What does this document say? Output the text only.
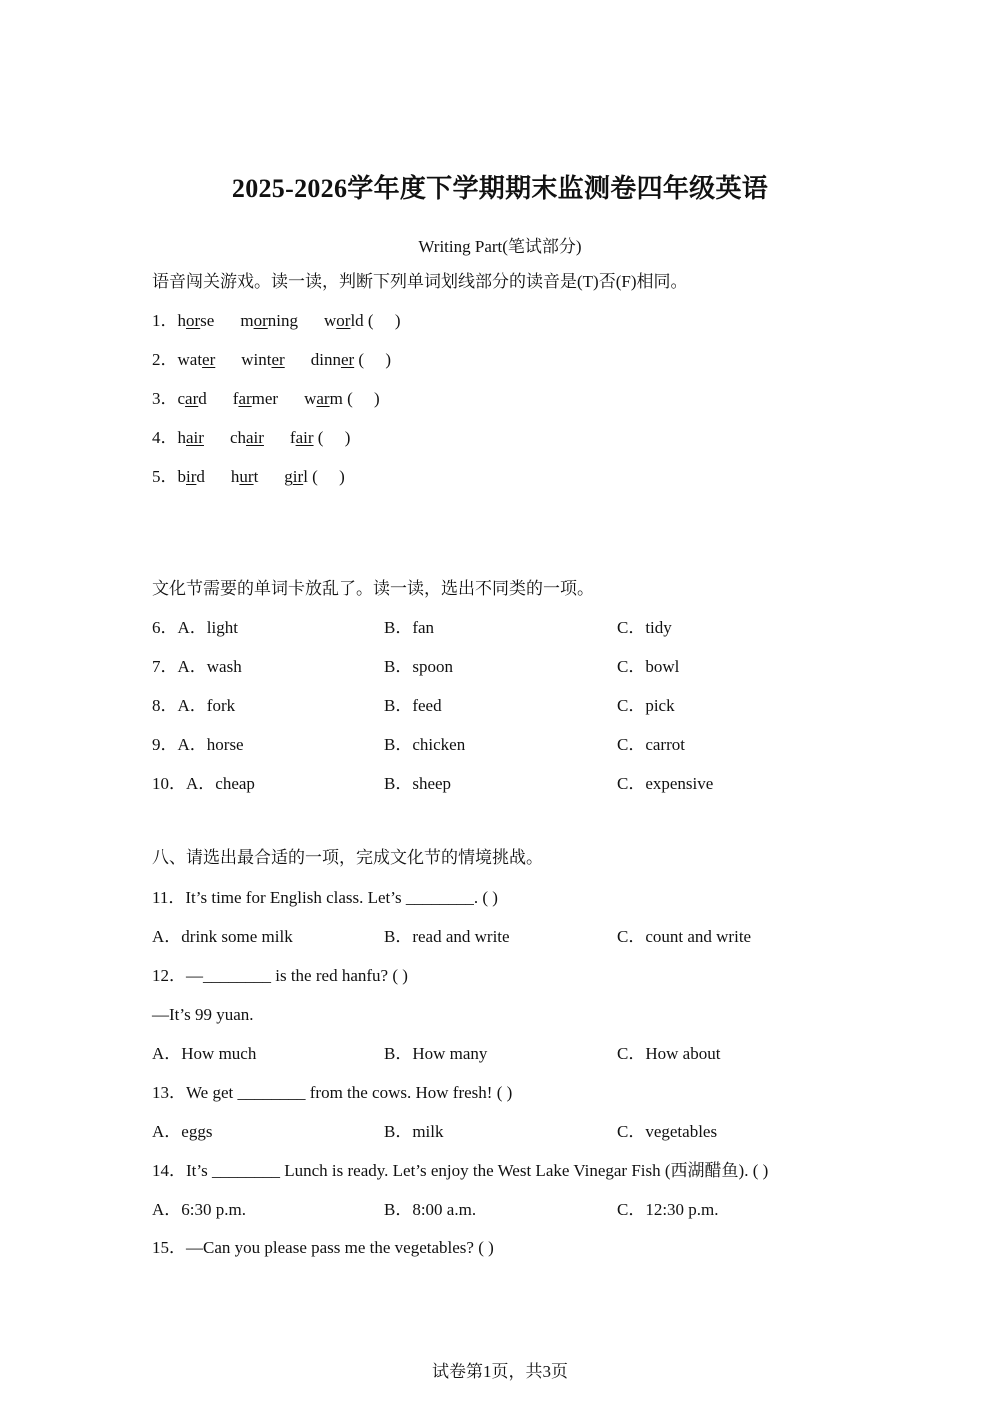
2025-2026学年度下学期期末监测卷四年级英语
Writing Part(笔试部分)
语音闯关游戏。读一读，判断下列单词划线部分的读音是(T)否(F)相同。
1．horse morning world (     )
2．water winter dinner (     )
3．card farmer warm (     )
4．hair chair fair (     )
5．bird hurt girl (     )
文化节需要的单词卡放乱了。读一读，选出不同类的一项。
6．A．light	B．fan	C．tidy
7．A．wash	B．spoon	C．bowl
8．A．fork	B．feed	C．pick
9．A．horse	B．chicken	C．carrot
10．A．cheap	B．sheep	C．expensive
八、请选出最合适的一项，完成文化节的情境挑战。
11．It’s time for English class. Let’s ________. ( )
A．drink some milk	B．read and write	C．count and write
12．—________ is the red hanfu? ( )
—It’s 99 yuan.
A．How much	B．How many	C．How about
13．We get ________ from the cows. How fresh! ( )
A．eggs	B．milk	C．vegetables
14．It’s ________ Lunch is ready. Let’s enjoy the West Lake Vinegar Fish (西湖醋鱼). ( )
A．6:30 p.m.	B．8:00 a.m.	C．12:30 p.m.
15．—Can you please pass me the vegetables? ( )
试卷第1页，共3页
